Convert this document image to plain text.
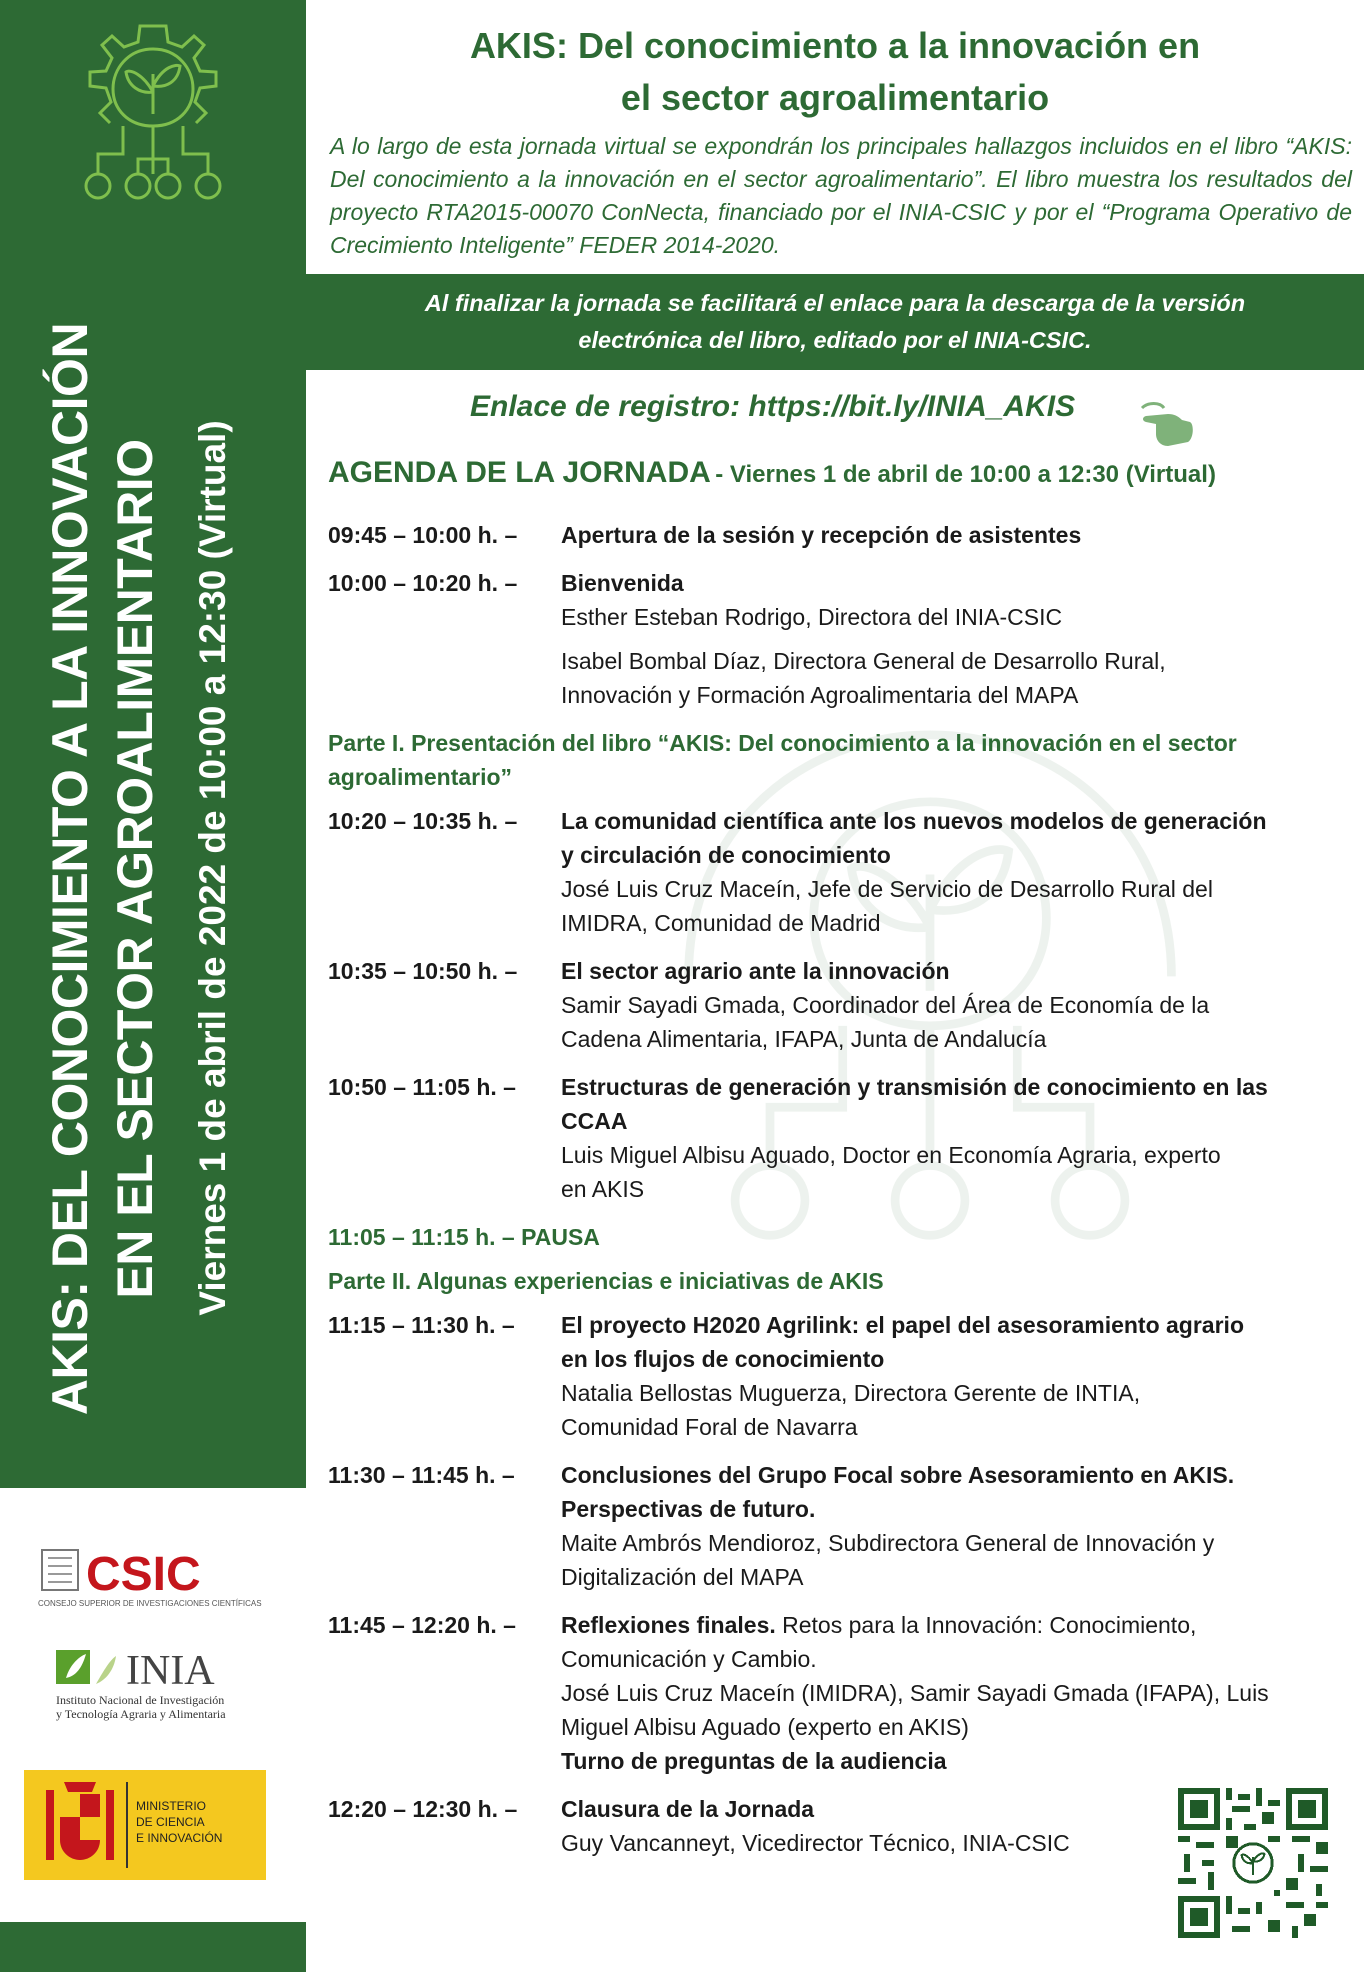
AKIS: DEL CONOCIMIENTO A LA INNOVACIÓN EN EL SECTOR AGROALIMENTARIO Viernes 1 de abril de 2022 de 10:00 a 12:30 (Virtual)
AKIS: Del conocimiento a la innovación en
el sector agroalimentario
A lo largo de esta jornada virtual se expondrán los principales hallazgos incluidos en el libro “AKIS: Del conocimiento a la innovación en el sector agroalimentario”. El libro muestra los resultados del proyecto RTA2015-00070 ConNecta, financiado por el INIA-CSIC y por el “Programa Operativo de Crecimiento Inteligente” FEDER 2014-2020.
Al finalizar la jornada se facilitará el enlace para la descarga de la versión
electrónica del libro, editado por el INIA-CSIC.
Enlace de registro: https://bit.ly/INIA_AKIS
AGENDA DE LA JORNADA - Viernes 1 de abril de 10:00 a 12:30 (Virtual)
09:45 – 10:00 h. – Apertura de la sesión y recepción de asistentes
10:00 – 10:20 h. – Bienvenida
Esther Esteban Rodrigo, Directora del INIA-CSIC
Isabel Bombal Díaz, Directora General de Desarrollo Rural,
Innovación y Formación Agroalimentaria del MAPA
Parte I. Presentación del libro “AKIS: Del conocimiento a la innovación en el sector
agroalimentario”
10:20 – 10:35 h. – La comunidad científica ante los nuevos modelos de generación
y circulación de conocimiento
José Luis Cruz Maceín, Jefe de Servicio de Desarrollo Rural del
IMIDRA, Comunidad de Madrid
10:35 – 10:50 h. – El sector agrario ante la innovación
Samir Sayadi Gmada, Coordinador del Área de Economía de la
Cadena Alimentaria, IFAPA, Junta de Andalucía
10:50 – 11:05 h. – Estructuras de generación y transmisión de conocimiento en las
CCAA
Luis Miguel Albisu Aguado, Doctor en Economía Agraria, experto
en AKIS
11:05 – 11:15 h. – PAUSA
Parte II. Algunas experiencias e iniciativas de AKIS
11:15 – 11:30 h. – El proyecto H2020 Agrilink: el papel del asesoramiento agrario
en los flujos de conocimiento
Natalia Bellostas Muguerza, Directora Gerente de INTIA,
Comunidad Foral de Navarra
11:30 – 11:45 h. – Conclusiones del Grupo Focal sobre Asesoramiento en AKIS.
Perspectivas de futuro.
Maite Ambrós Mendioroz, Subdirectora General de Innovación y
Digitalización del MAPA
11:45 – 12:20 h. – Reflexiones finales. Retos para la Innovación: Conocimiento,
Comunicación y Cambio.
José Luis Cruz Maceín (IMIDRA), Samir Sayadi Gmada (IFAPA), Luis
Miguel Albisu Aguado (experto en AKIS)
Turno de preguntas de la audiencia
12:20 – 12:30 h. – Clausura de la Jornada
Guy Vancanneyt, Vicedirector Técnico, INIA-CSIC
CSIC
CONSEJO SUPERIOR DE INVESTIGACIONES CIENTÍFICAS
INIA
Instituto Nacional de Investigación
y Tecnología Agraria y Alimentaria
MINISTERIO
DE CIENCIA
E INNOVACIÓN
